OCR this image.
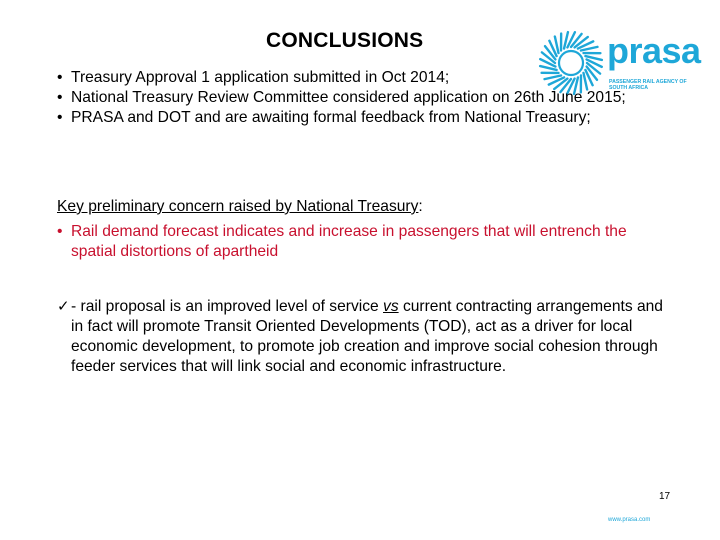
CONCLUSIONS	prasa
PASSENGER RAIL AGENCY OF SOUTH AFRICA
• Treasury Approval 1 application submitted in Oct 2014;
• National Treasury Review Committee considered application on 26th June 2015;
• PRASA and DOT and are awaiting formal feedback from National Treasury;
Key preliminary concern raised by National Treasury:
• Rail demand forecast indicates and increase in passengers that will entrench the spatial distortions of apartheid
✓ - rail proposal is an improved level of service vs current contracting arrangements and in fact will promote Transit Oriented Developments (TOD), act as a driver for local economic development, to promote job creation and improve social cohesion through feeder services that will link social and economic infrastructure.
17
www.prasa.com
